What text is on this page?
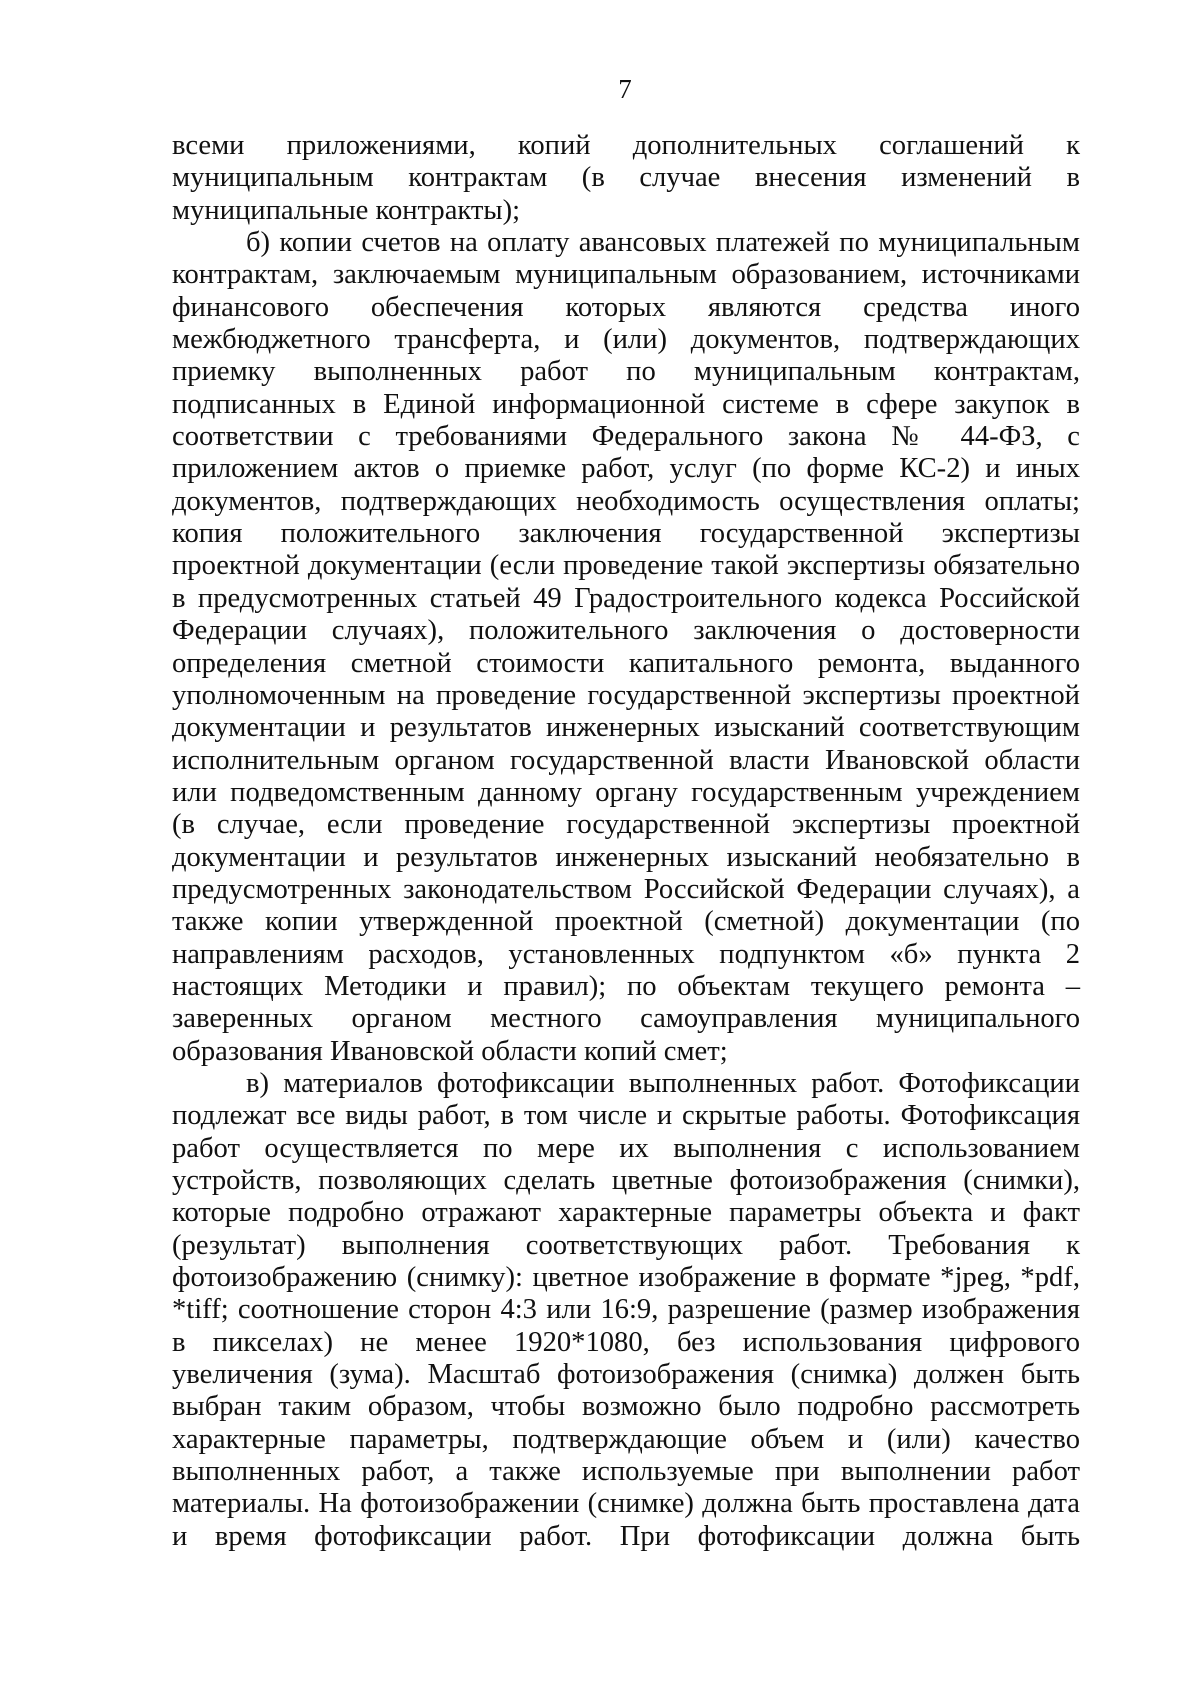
7

всеми приложениями, копий дополнительных соглашений к

муниципальным контрактам (в случае внесения изменений в

муниципальные контракты);

б) копии счетов на оплату авансовых платежей по муниципальным

контрактам, заключаемым муниципальным образованием, источниками

финансового обеспечения которых являются средства иного

межбюджетного трансферта, и (или) документов, подтверждающих

приемку выполненных работ по муниципальным контрактам,

подписанных в Единой информационной системе в сфере закупок в

соответствии с требованиями Федерального закона № 44-ФЗ, с

приложением актов о приемке работ, услуг (по форме КС-2) и иных

документов, подтверждающих необходимость осуществления оплаты;

копия положительного заключения государственной экспертизы

проектной документации (если проведение такой экспертизы обязательно

в предусмотренных статьей 49 Градостроительного кодекса Российской

Федерации случаях), положительного заключения о достоверности

определения сметной стоимости капитального ремонта, выданного

уполномоченным на проведение государственной экспертизы проектной

документации и результатов инженерных изысканий соответствующим

исполнительным органом государственной власти Ивановской области

или подведомственным данному органу государственным учреждением

(в случае, если проведение государственной экспертизы проектной

документации и результатов инженерных изысканий необязательно в

предусмотренных законодательством Российской Федерации случаях), а

также копии утвержденной проектной (сметной) документации (по

направлениям расходов, установленных подпунктом «б» пункта 2

настоящих Методики и правил); по объектам текущего ремонта –

заверенных органом местного самоуправления муниципального

образования Ивановской области копий смет;

в) материалов фотофиксации выполненных работ. Фотофиксации

подлежат все виды работ, в том числе и скрытые работы. Фотофиксация

работ осуществляется по мере их выполнения с использованием

устройств, позволяющих сделать цветные фотоизображения (снимки),

которые подробно отражают характерные параметры объекта и факт

(результат) выполнения соответствующих работ. Требования к

фотоизображению (снимку): цветное изображение в формате *jpeg, *pdf,

*tiff; соотношение сторон 4:3 или 16:9, разрешение (размер изображения

в пикселах) не менее 1920*1080, без использования цифрового

увеличения (зума). Масштаб фотоизображения (снимка) должен быть

выбран таким образом, чтобы возможно было подробно рассмотреть

характерные параметры, подтверждающие объем и (или) качество

выполненных работ, а также используемые при выполнении работ

материалы. На фотоизображении (снимке) должна быть проставлена дата

и время фотофиксации работ. При фотофиксации должна быть
